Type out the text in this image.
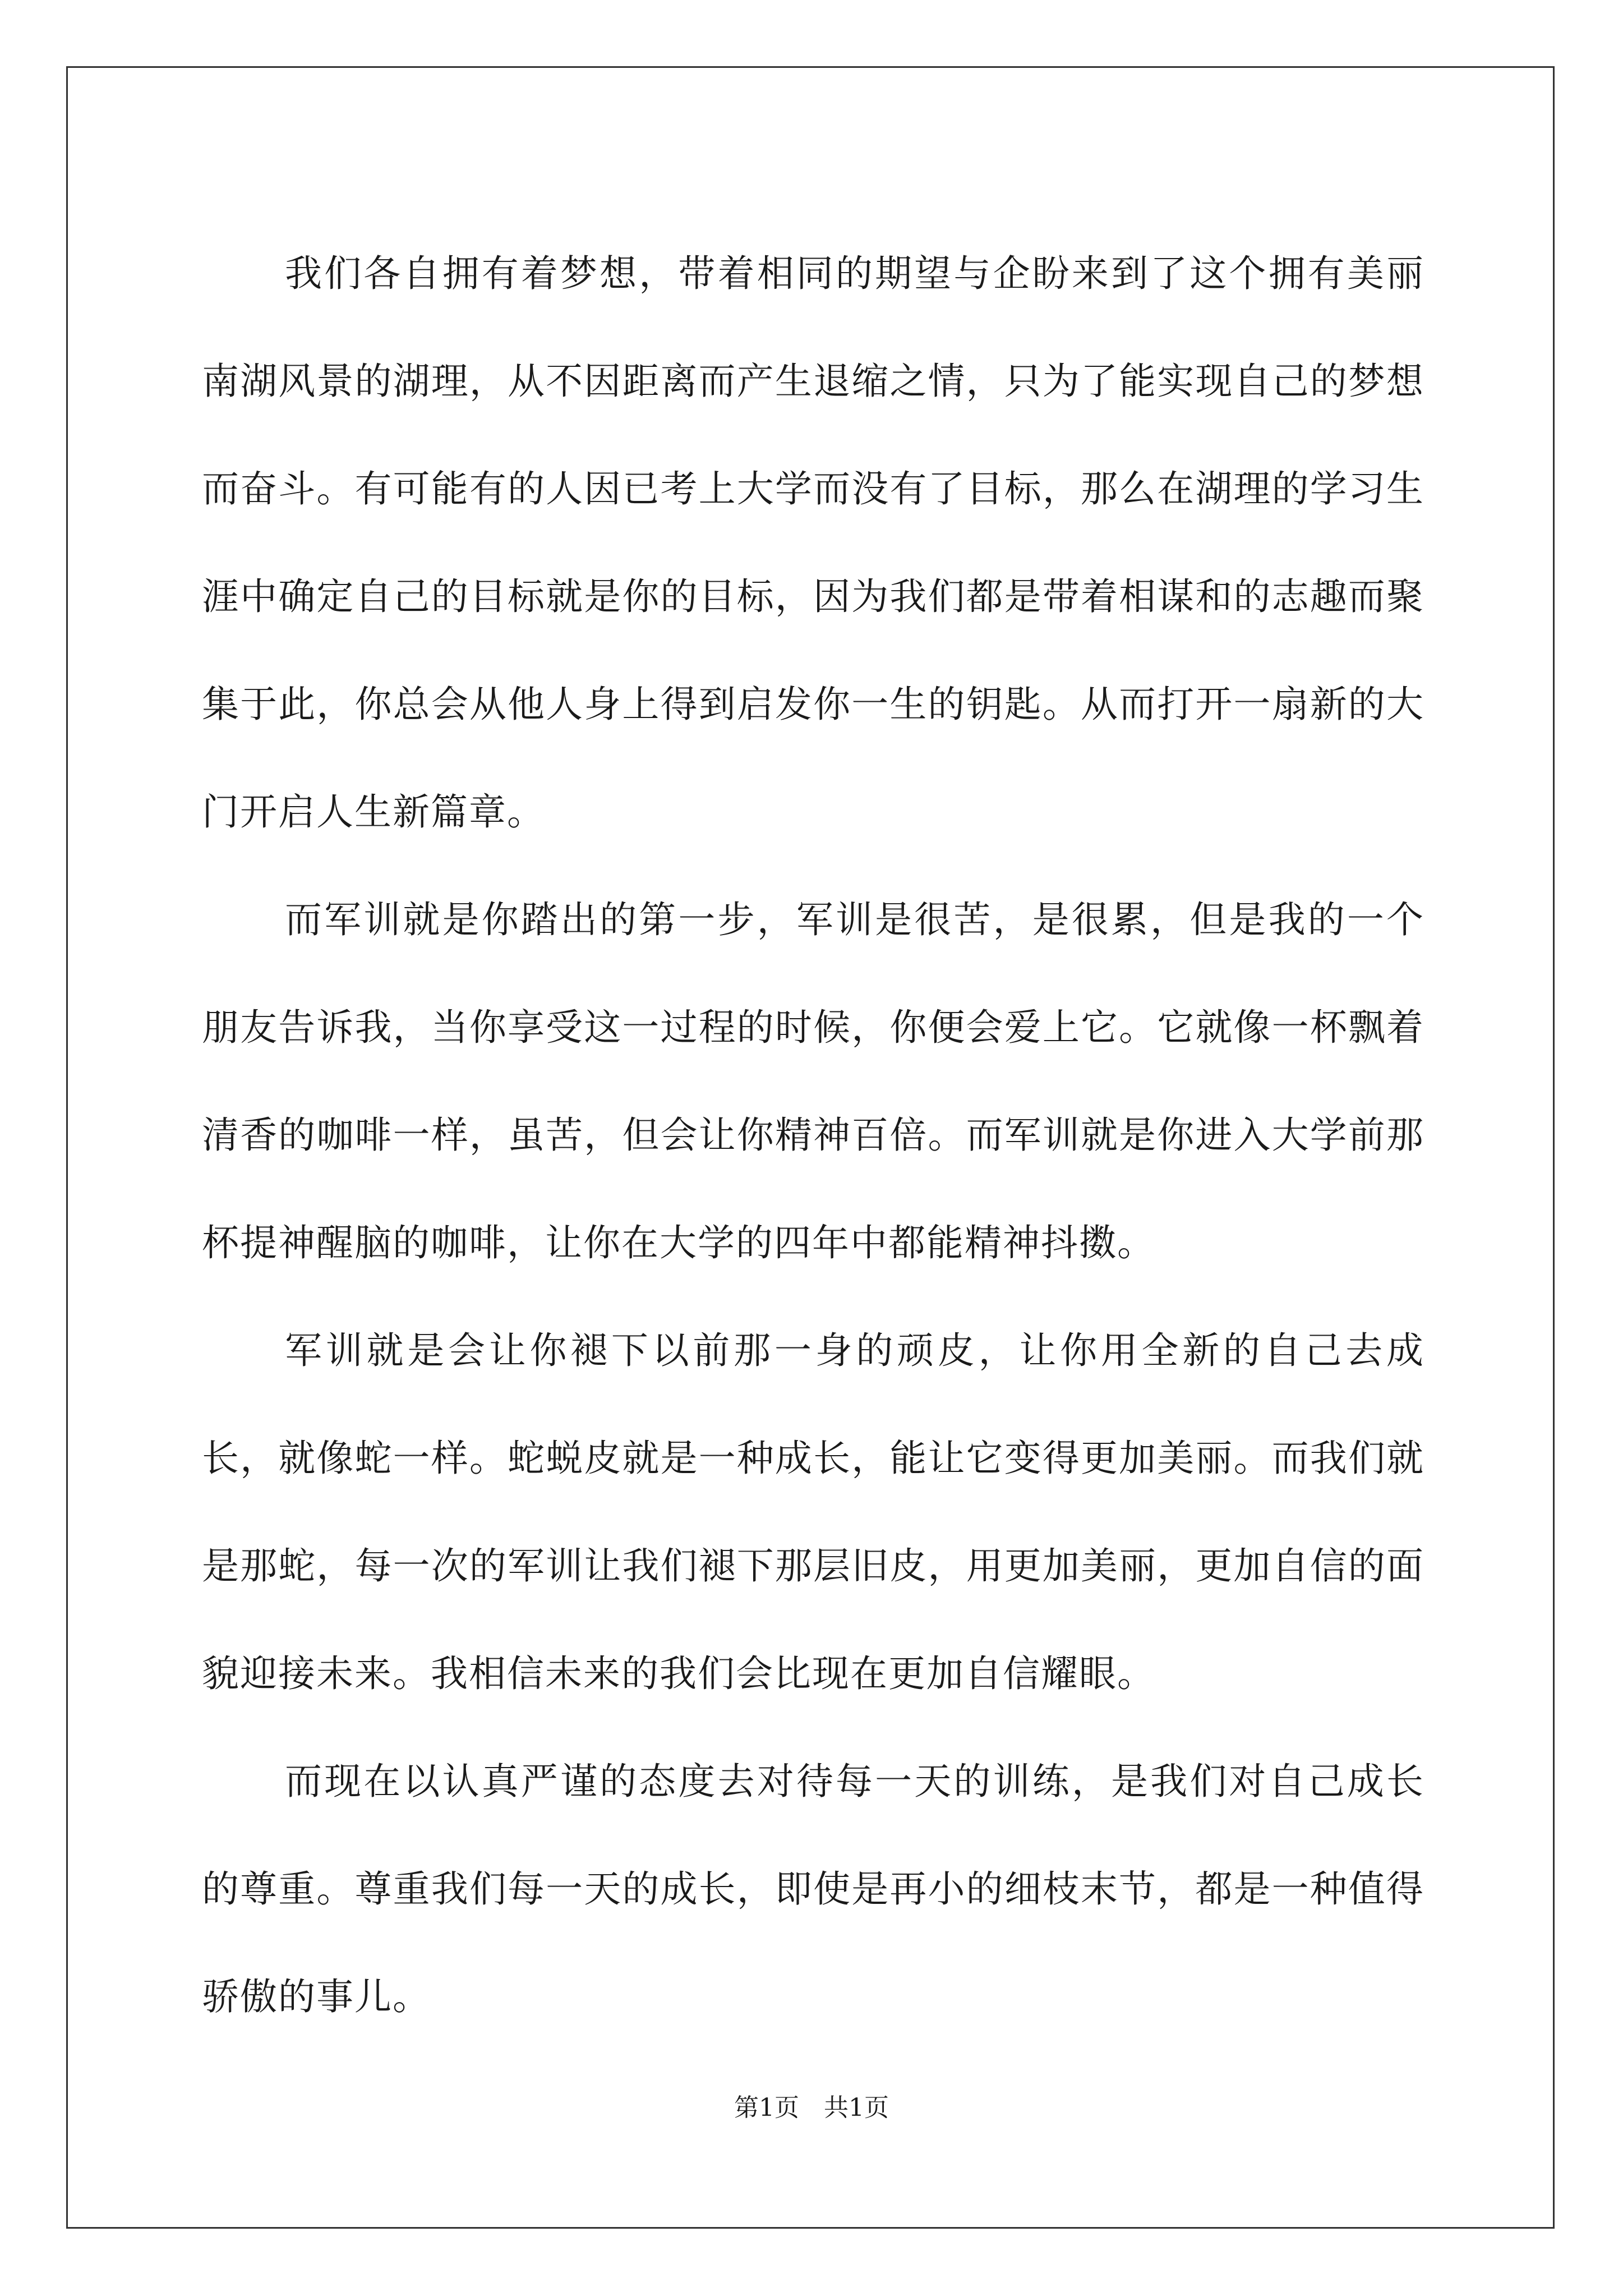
我们各自拥有着梦想，带着相同的期望与企盼来到了这个拥有美丽南湖风景的湖理，从不因距离而产生退缩之情，只为了能实现自己的梦想而奋斗。有可能有的人因已考上大学而没有了目标，那么在湖理的学习生涯中确定自己的目标就是你的目标，因为我们都是带着相谋和的志趣而聚集于此，你总会从他人身上得到启发你一生的钥匙。从而打开一扇新的大门开启人生新篇章。

而军训就是你踏出的第一步，军训是很苦，是很累，但是我的一个朋友告诉我，当你享受这一过程的时候，你便会爱上它。它就像一杯飘着清香的咖啡一样，虽苦，但会让你精神百倍。而军训就是你进入大学前那杯提神醒脑的咖啡，让你在大学的四年中都能精神抖擞。

军训就是会让你褪下以前那一身的顽皮，让你用全新的自己去成长，就像蛇一样。蛇蜕皮就是一种成长，能让它变得更加美丽。而我们就是那蛇，每一次的军训让我们褪下那层旧皮，用更加美丽，更加自信的面貌迎接未来。我相信未来的我们会比现在更加自信耀眼。

而现在以认真严谨的态度去对待每一天的训练，是我们对自己成长的尊重。尊重我们每一天的成长，即使是再小的细枝末节，都是一种值得骄傲的事儿。

第1页 共1页
